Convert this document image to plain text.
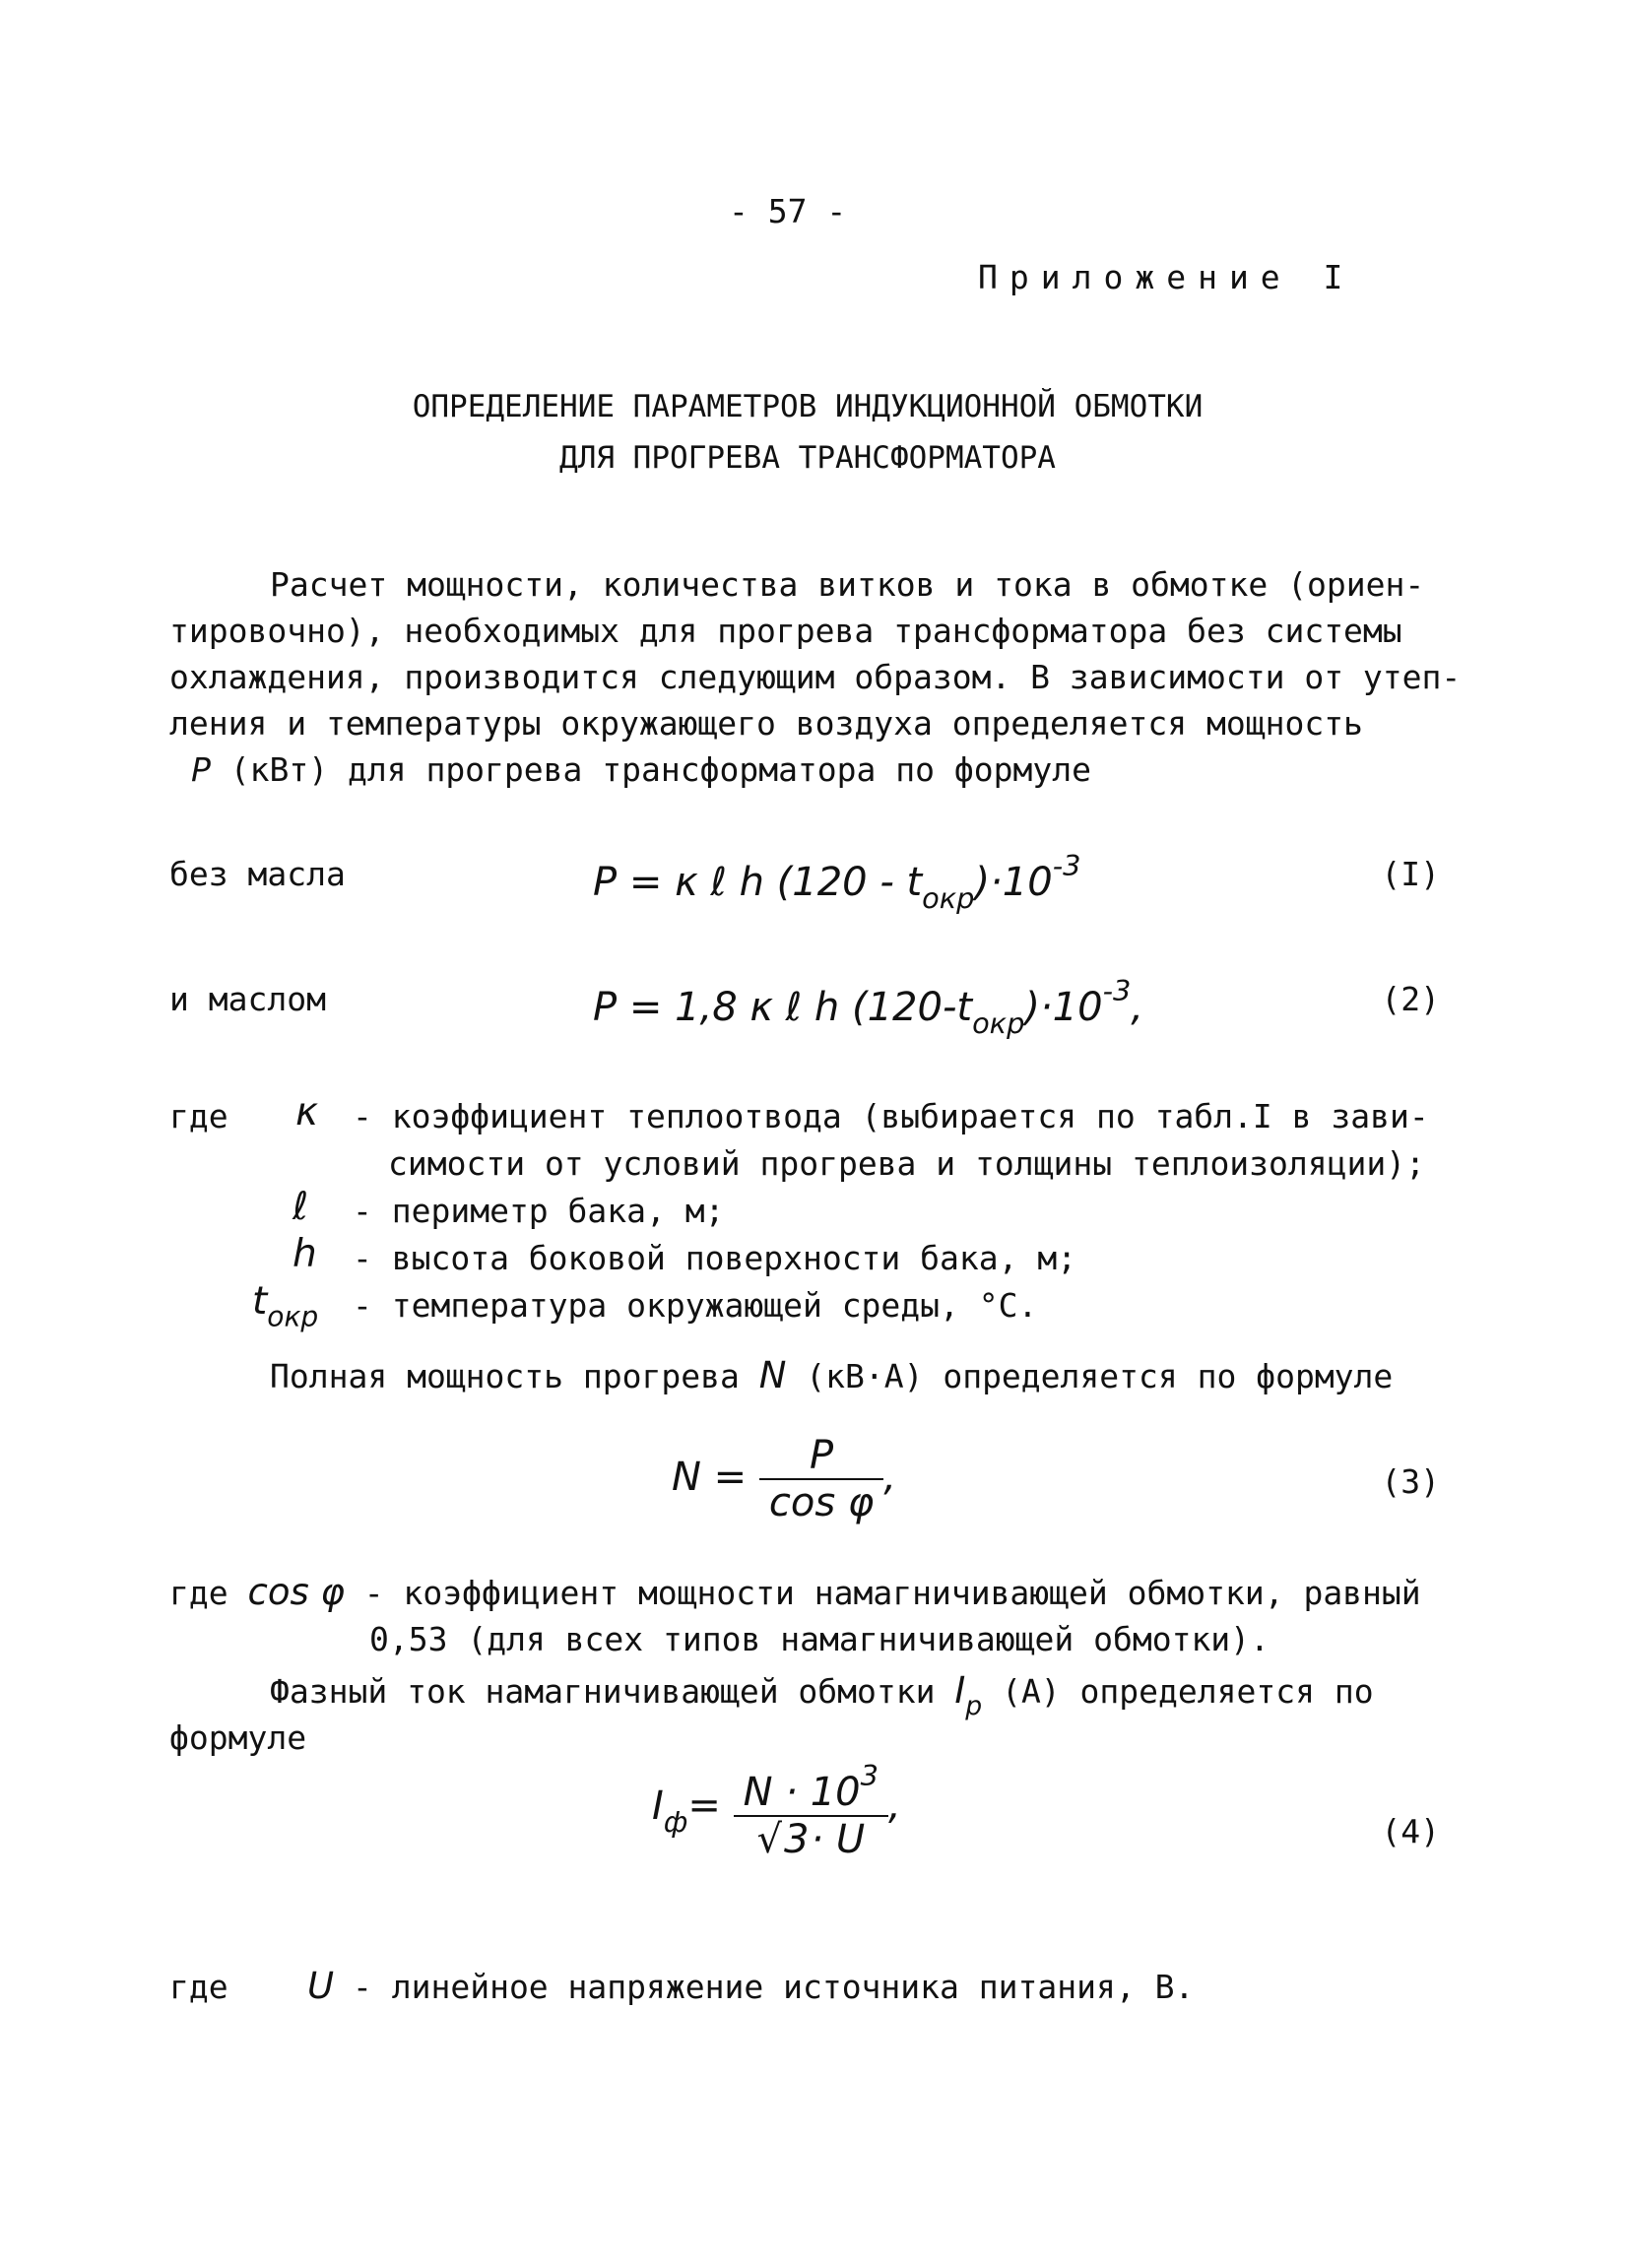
- 57 -
Приложение I
ОПРЕДЕЛЕНИЕ ПАРАМЕТРОВ ИНДУКЦИОННОЙ ОБМОТКИ
ДЛЯ ПРОГРЕВА ТРАНСФОРМАТОРА
Расчет мощности, количества витков и тока в обмотке (ориен-
тировочно), необходимых для прогрева трансформатора без системы
охлаждения, производится следующим образом. В зависимости от утеп-
ления и температуры окружающего воздуха определяется мощность
P (кВт) для прогрева трансформатора по формуле
без масла	P = κ ℓ h $(120 - t_{окр})\cdot 10^{-3}$	(I)
и маслом	P = 1,8 κ ℓ h $(120-t_{окр})\cdot 10^{-3}$,	(2)
где κ - коэффициент теплоотвода (выбирается по табл.I в зави-
симости от условий прогрева и толщины теплоизоляции);
ℓ - периметр бака, м;
h - высота боковой поверхности бака, м;
$t_{окр}$ - температура окружающей среды, °С.
Полная мощность прогрева N (кВ·А) определяется по формуле
$N = \frac{P}{\text{cos φ}}$ ,	(3)
где cos φ - коэффициент мощности намагничивающей обмотки, равный
0,53 (для всех типов намагничивающей обмотки).
Фазный ток намагничивающей обмотки $I_р$ (А) определяется по
формуле
$I_ф= \frac{N \cdot 10^3}{√3\cdot U}$ ,
(4)
где U - линейное напряжение источника питания, В.
